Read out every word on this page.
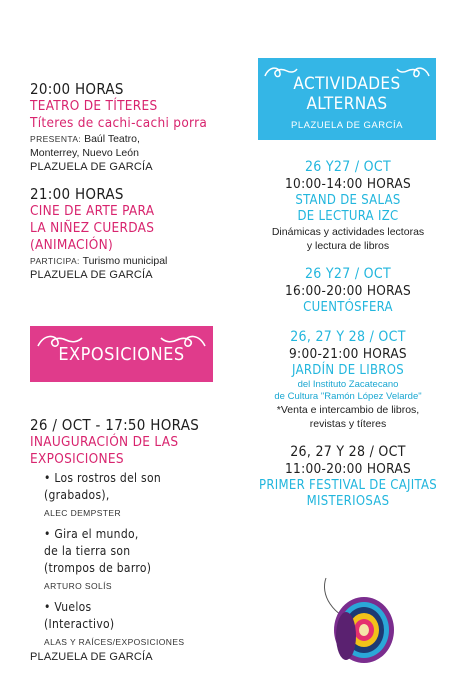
20:00 HORAS
TEATRO DE TÍTERES
Títeres de cachi-cachi porra
PRESENTA: Baúl Teatro,
Monterrey, Nuevo León
PLAZUELA DE GARCÍA
21:00 HORAS
CINE DE ARTE PARA
LA NIÑEZ CUERDAS
(ANIMACIÓN)
PARTICIPA: Turismo municipal
PLAZUELA DE GARCÍA
EXPOSICIONES
26 / OCT - 17:50 HORAS
INAUGURACIÓN DE LAS
EXPOSICIONES
• Los rostros del son
(grabados),
ALEC DEMPSTER
• Gira el mundo,
de la tierra son
(trompos de barro)
ARTURO SOLÍS
• Vuelos
(Interactivo)
ALAS Y RAÍCES/EXPOSICIONES
PLAZUELA DE GARCÍA
ACTIVIDADES
ALTERNAS
PLAZUELA DE GARCÍA
26 Y27 / OCT
10:00-14:00 HORAS
STAND DE SALAS
DE LECTURA IZC
Dinámicas y actividades lectoras
y lectura de libros
26 Y27 / OCT
16:00-20:00 HORAS
CUENTÓSFERA
26, 27 Y 28 / OCT
9:00-21:00 HORAS
JARDÍN DE LIBROS
del Instituto Zacatecano
de Cultura "Ramón López Velarde"
*Venta e intercambio de libros,
revistas y títeres
26, 27 Y 28 / OCT
11:00-20:00 HORAS
PRIMER FESTIVAL DE CAJITAS
MISTERIOSAS
